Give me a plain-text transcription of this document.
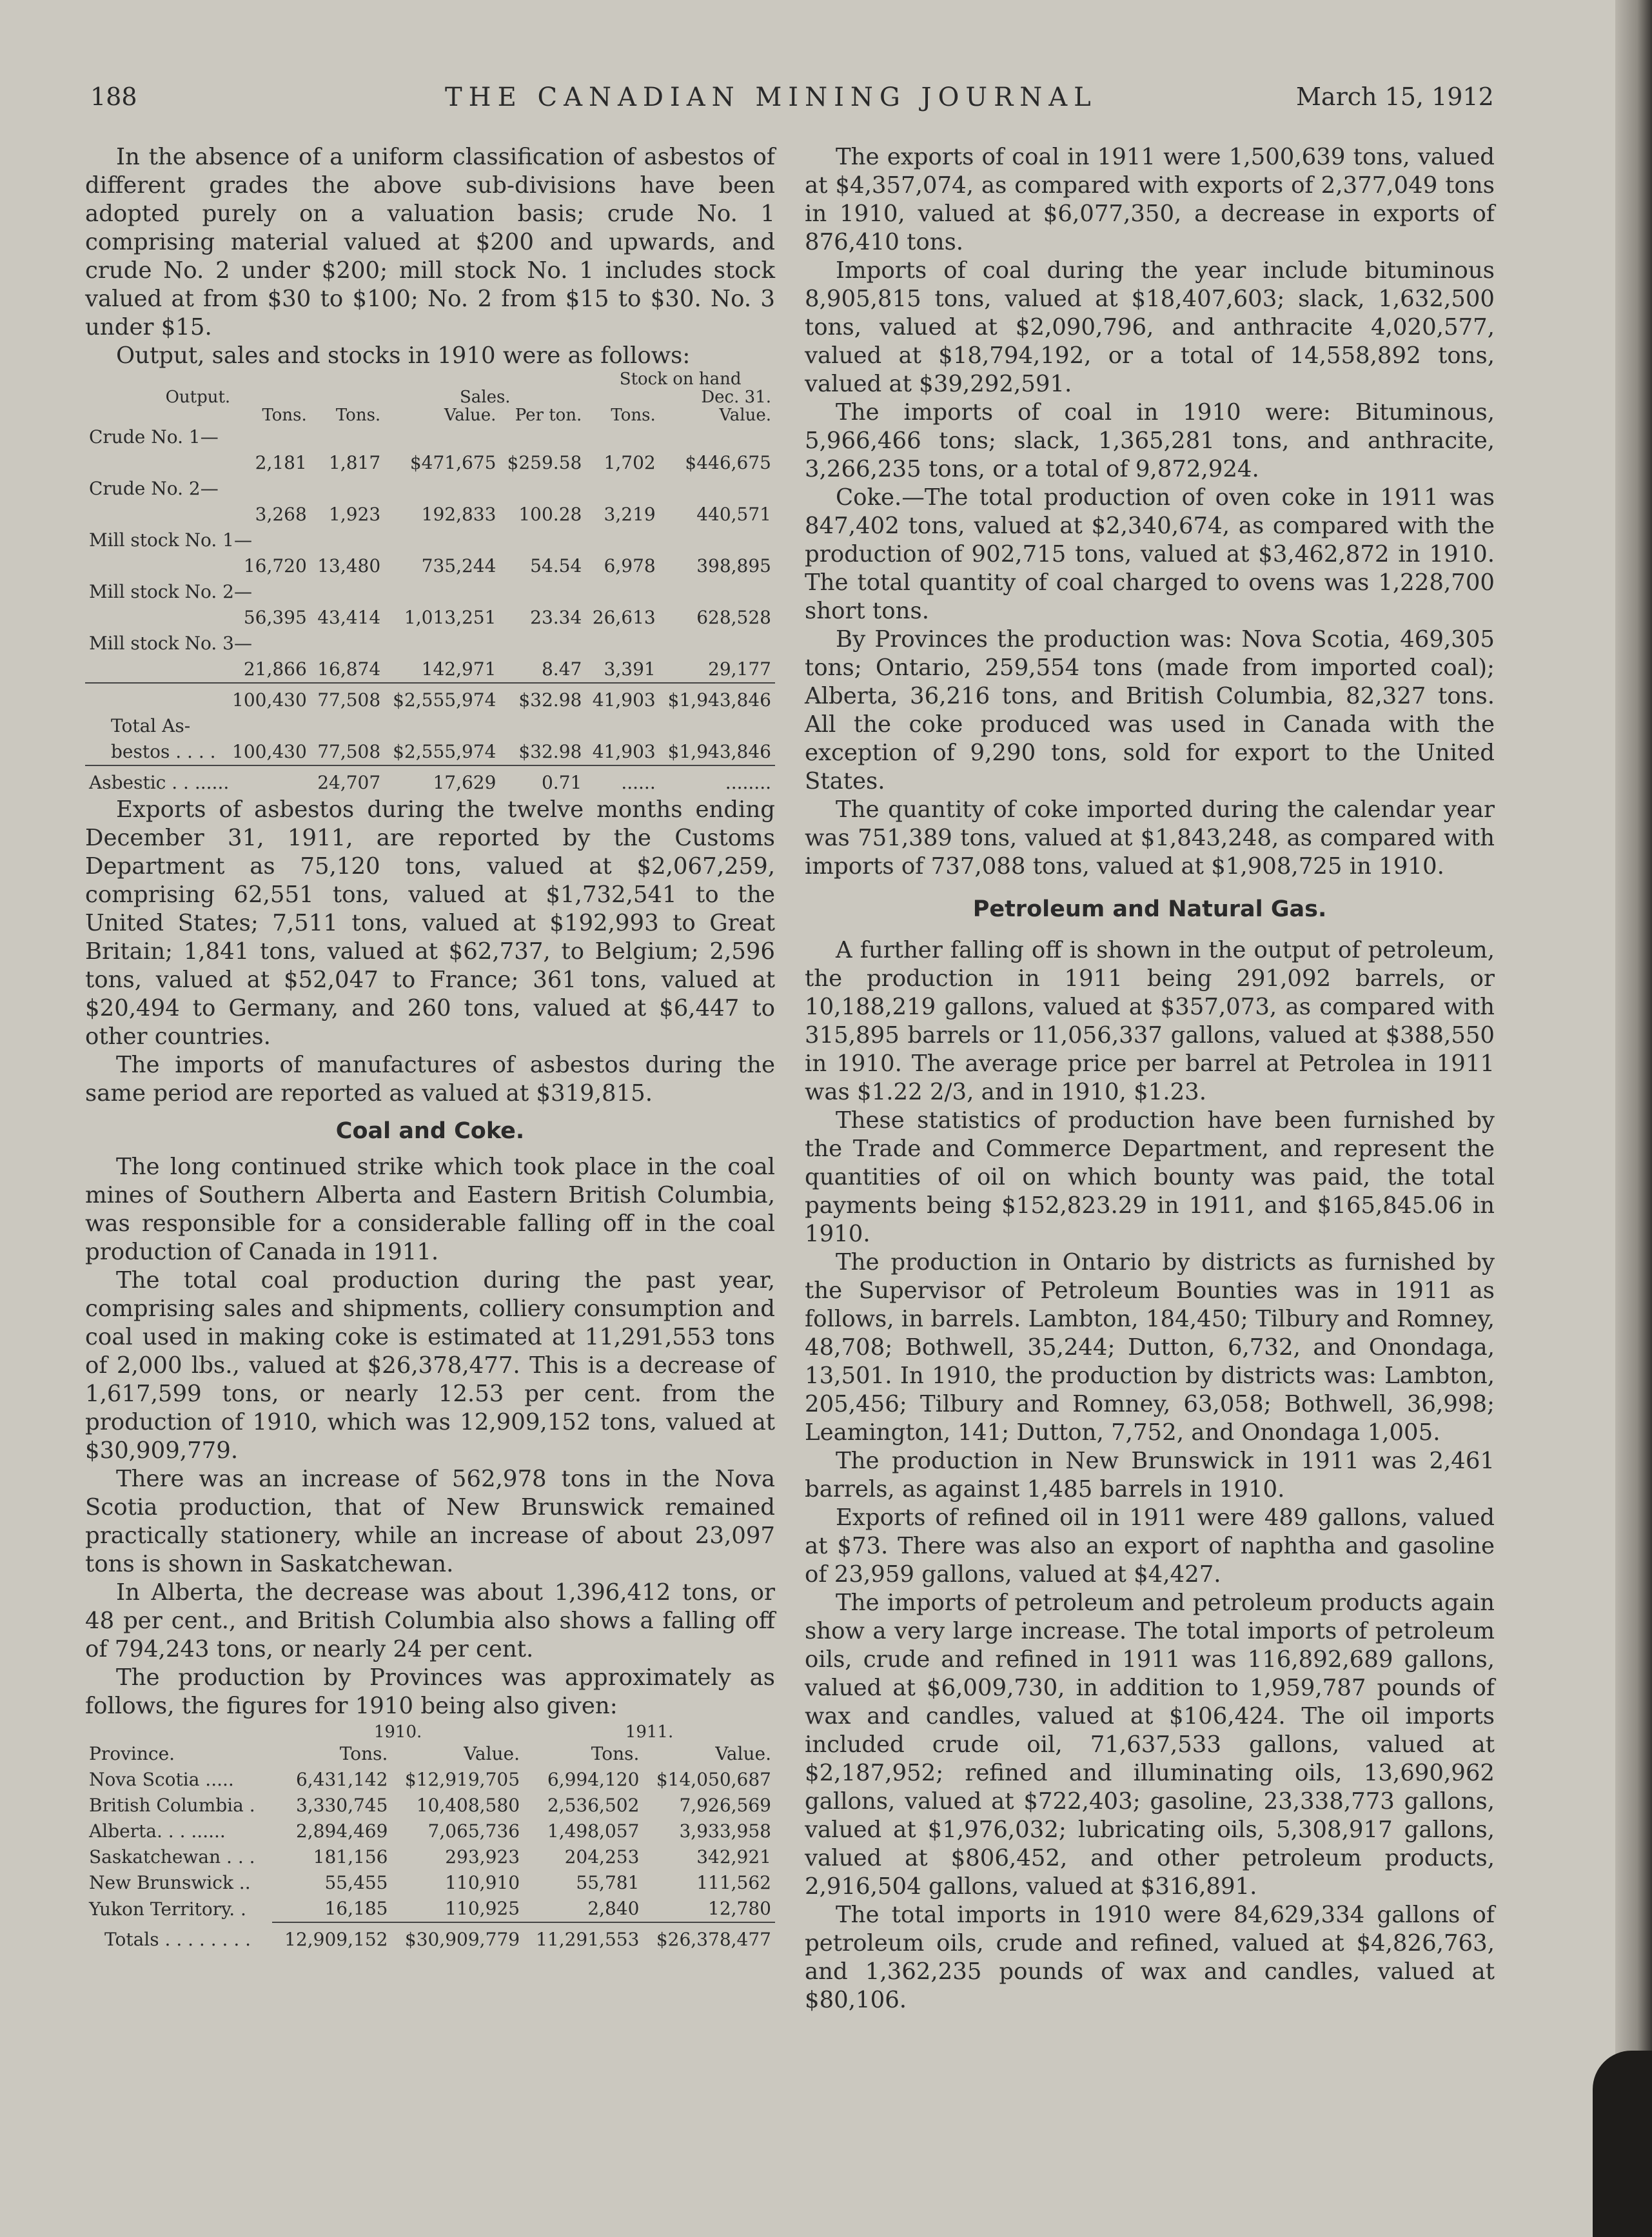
188	THE CANADIAN MINING JOURNAL	March 15, 1912

In the absence of a uniform classification of asbestos of different grades the above sub-divisions have been adopted purely on a valuation basis; crude No. 1 comprising material valued at $200 and upwards, and crude No. 2 under $200; mill stock No. 1 includes stock valued at from $30 to $100; No. 2 from $15 to $30. No. 3 under $15.

Output, sales and stocks in 1910 were as follows:

					Stock on hand	
Output.			Sales.			Dec. 31.
	Tons.	Tons.	Value.	Per ton.	Tons.	Value.
Crude No. 1—						
	2,181	1,817	$471,675	$259.58	1,702	$446,675
Crude No. 2—						
	3,268	1,923	192,833	100.28	3,219	440,571
Mill stock No. 1—						
	16,720	13,480	735,244	54.54	6,978	398,895
Mill stock No. 2—						
	56,395	43,414	1,013,251	23.34	26,613	628,528
Mill stock No. 3—						
	21,866	16,874	142,971	8.47	3,391	29,177

	100,430	77,508	$2,555,974	$32.98	41,903	$1,943,846
Total As-						
bestos . . . .	100,430	77,508	$2,555,974	$32.98	41,903	$1,943,846

Asbestic . . ......		24,707	17,629	0.71	......	........

Exports of asbestos during the twelve months ending December 31, 1911, are reported by the Customs Department as 75,120 tons, valued at $2,067,259, comprising 62,551 tons, valued at $1,732,541 to the United States; 7,511 tons, valued at $192,993 to Great Britain; 1,841 tons, valued at $62,737, to Belgium; 2,596 tons, valued at $52,047 to France; 361 tons, valued at $20,494 to Germany, and 260 tons, valued at $6,447 to other countries.

The imports of manufactures of asbestos during the same period are reported as valued at $319,815.

Coal and Coke.

The long continued strike which took place in the coal mines of Southern Alberta and Eastern British Columbia, was responsible for a considerable falling off in the coal production of Canada in 1911.

The total coal production during the past year, comprising sales and shipments, colliery consumption and coal used in making coke is estimated at 11,291,553 tons of 2,000 lbs., valued at $26,378,477. This is a decrease of 1,617,599 tons, or nearly 12.53 per cent. from the production of 1910, which was 12,909,152 tons, valued at $30,909,779.

There was an increase of 562,978 tons in the Nova Scotia production, that of New Brunswick remained practically stationery, while an increase of about 23,097 tons is shown in Saskatchewan.

In Alberta, the decrease was about 1,396,412 tons, or 48 per cent., and British Columbia also shows a falling off of 794,243 tons, or nearly 24 per cent.

The production by Provinces was approximately as follows, the figures for 1910 being also given:

	1910.		1911.	
Province.	Tons.	Value.	Tons.	Value.
Nova Scotia .....	6,431,142	$12,919,705	6,994,120	$14,050,687
British Columbia .	3,330,745	10,408,580	2,536,502	7,926,569
Alberta. . . ......	2,894,469	7,065,736	1,498,057	3,933,958
Saskatchewan . . .	181,156	293,923	204,253	342,921
New Brunswick ..	55,455	110,910	55,781	111,562
Yukon Territory. .	16,185	110,925	2,840	12,780

Totals . . . . . . . .	12,909,152	$30,909,779	11,291,553	$26,378,477

The exports of coal in 1911 were 1,500,639 tons, valued at $4,357,074, as compared with exports of 2,377,049 tons in 1910, valued at $6,077,350, a decrease in exports of 876,410 tons.

Imports of coal during the year include bituminous 8,905,815 tons, valued at $18,407,603; slack, 1,632,500 tons, valued at $2,090,796, and anthracite 4,020,577, valued at $18,794,192, or a total of 14,558,892 tons, valued at $39,292,591.

The imports of coal in 1910 were: Bituminous, 5,966,466 tons; slack, 1,365,281 tons, and anthracite, 3,266,235 tons, or a total of 9,872,924.

Coke.—The total production of oven coke in 1911 was 847,402 tons, valued at $2,340,674, as compared with the production of 902,715 tons, valued at $3,462,872 in 1910. The total quantity of coal charged to ovens was 1,228,700 short tons.

By Provinces the production was: Nova Scotia, 469,305 tons; Ontario, 259,554 tons (made from imported coal); Alberta, 36,216 tons, and British Columbia, 82,327 tons. All the coke produced was used in Canada with the exception of 9,290 tons, sold for export to the United States.

The quantity of coke imported during the calendar year was 751,389 tons, valued at $1,843,248, as compared with imports of 737,088 tons, valued at $1,908,725 in 1910.

Petroleum and Natural Gas.

A further falling off is shown in the output of petroleum, the production in 1911 being 291,092 barrels, or 10,188,219 gallons, valued at $357,073, as compared with 315,895 barrels or 11,056,337 gallons, valued at $388,550 in 1910. The average price per barrel at Petrolea in 1911 was $1.22 2/3, and in 1910, $1.23.

These statistics of production have been furnished by the Trade and Commerce Department, and represent the quantities of oil on which bounty was paid, the total payments being $152,823.29 in 1911, and $165,845.06 in 1910.

The production in Ontario by districts as furnished by the Supervisor of Petroleum Bounties was in 1911 as follows, in barrels. Lambton, 184,450; Tilbury and Romney, 48,708; Bothwell, 35,244; Dutton, 6,732, and Onondaga, 13,501. In 1910, the production by districts was: Lambton, 205,456; Tilbury and Romney, 63,058; Bothwell, 36,998; Leamington, 141; Dutton, 7,752, and Onondaga 1,005.

The production in New Brunswick in 1911 was 2,461 barrels, as against 1,485 barrels in 1910.

Exports of refined oil in 1911 were 489 gallons, valued at $73. There was also an export of naphtha and gasoline of 23,959 gallons, valued at $4,427.

The imports of petroleum and petroleum products again show a very large increase. The total imports of petroleum oils, crude and refined in 1911 was 116,892,689 gallons, valued at $6,009,730, in addition to 1,959,787 pounds of wax and candles, valued at $106,424. The oil imports included crude oil, 71,637,533 gallons, valued at $2,187,952; refined and illuminating oils, 13,690,962 gallons, valued at $722,403; gasoline, 23,338,773 gallons, valued at $1,976,032; lubricating oils, 5,308,917 gallons, valued at $806,452, and other petroleum products, 2,916,504 gallons, valued at $316,891.

The total imports in 1910 were 84,629,334 gallons of petroleum oils, crude and refined, valued at $4,826,763, and 1,362,235 pounds of wax and candles, valued at $80,106.
